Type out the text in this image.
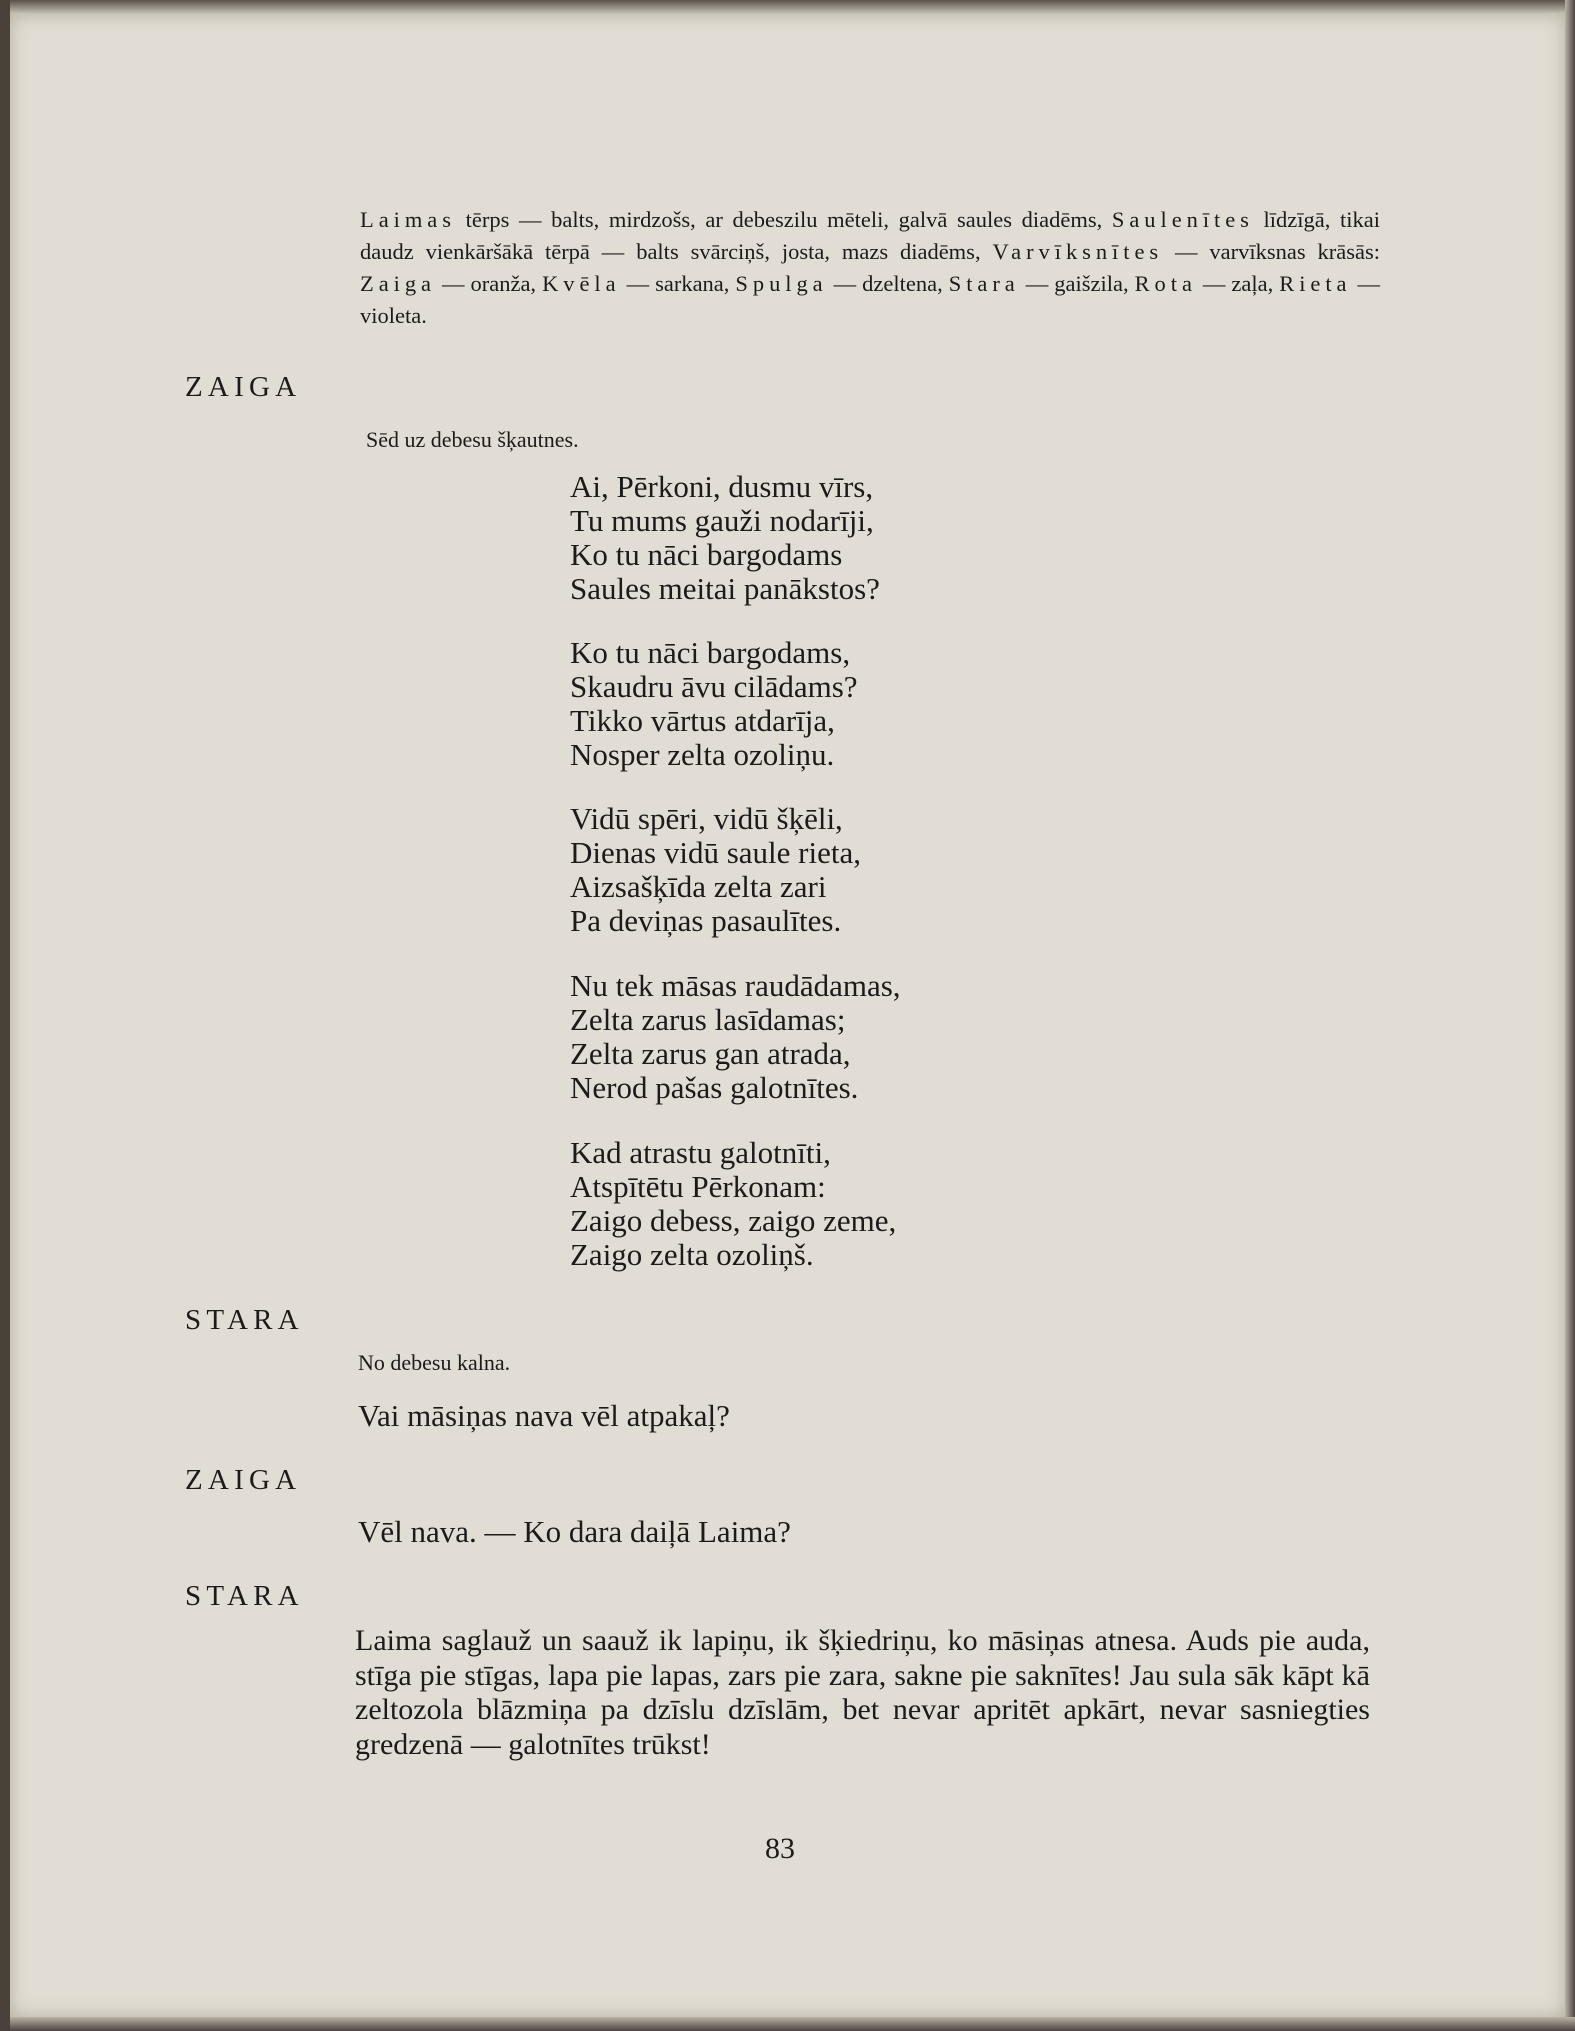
Laimas tērps — balts, mirdzošs, ar debeszilu mēteli, galvā saules diadēms, Saulenītes līdzīgā, tikai daudz vienkāršākā tērpā — balts svārciņš, josta, mazs diadēms, Varvīksnītes — varvīksnas krāsās: Zaiga — oranža, Kvēla — sarkana, Spulga — dzeltena, Stara — gaišzila, Rota — zaļa, Rieta — violeta.

ZAIGA
Sēd uz debesu šķautnes.
Ai, Pērkoni, dusmu vīrs,
Tu mums gauži nodarīji,
Ko tu nāci bargodams
Saules meitai panākstos?
Ko tu nāci bargodams,
Skaudru āvu cilādams?
Tikko vārtus atdarīja,
Nosper zelta ozoliņu.
Vidū spēri, vidū šķēli,
Dienas vidū saule rieta,
Aizsašķīda zelta zari
Pa deviņas pasaulītes.
Nu tek māsas raudādamas,
Zelta zarus lasīdamas;
Zelta zarus gan atrada,
Nerod pašas galotnītes.
Kad atrastu galotnīti,
Atspītētu Pērkonam:
Zaigo debess, zaigo zeme,
Zaigo zelta ozoliņš.
STARA
No debesu kalna.
Vai māsiņas nava vēl atpakaļ?
ZAIGA
Vēl nava. — Ko dara daiļā Laima?
STARA

Laima saglauž un saauž ik lapiņu, ik šķiedriņu, ko māsiņas atnesa. Auds pie auda, stīga pie stīgas, lapa pie lapas, zars pie zara, sakne pie saknītes! Jau sula sāk kāpt kā zeltozola blāzmiņa pa dzīslu dzīslām, bet nevar apritēt apkārt, nevar sasniegties gredzenā — galotnītes trūkst!

83
